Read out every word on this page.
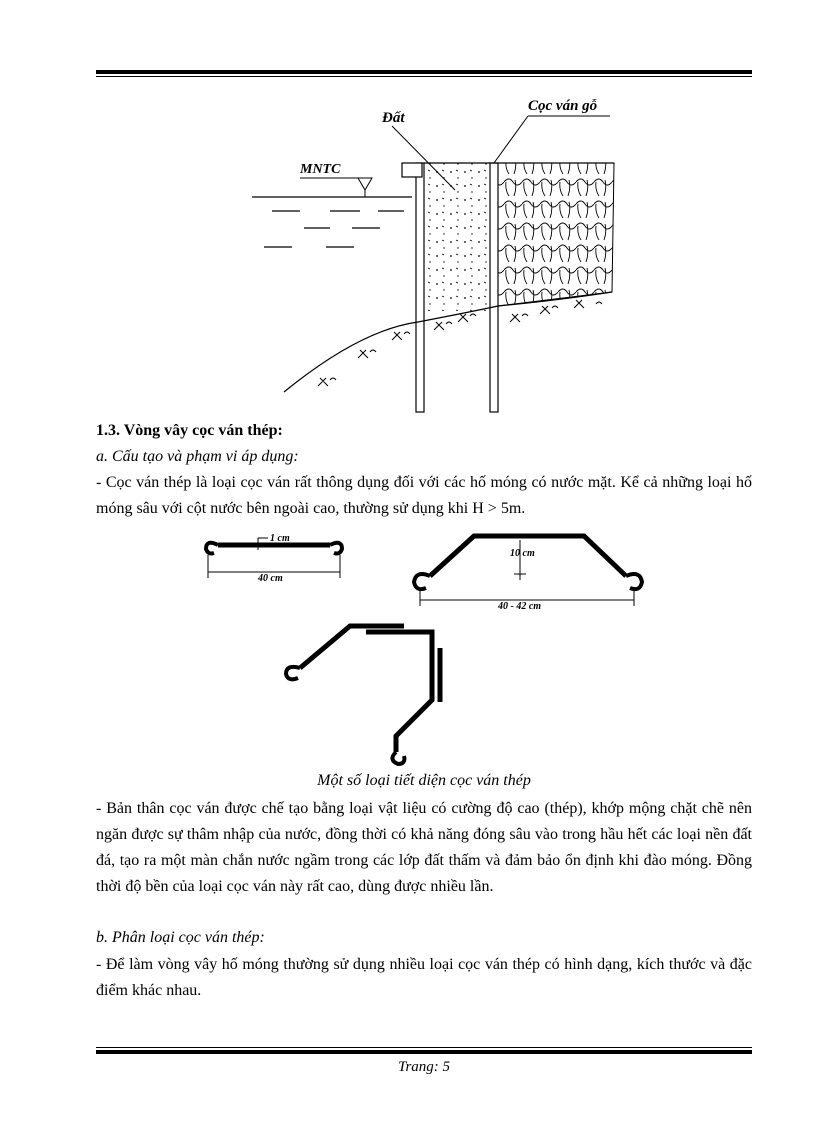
MNTC
Đất
Cọc ván gỗ
1.3. Vòng vây cọc ván thép:
a. Cấu tạo và phạm vi áp dụng:
- Cọc ván thép là loại cọc ván rất thông dụng đối với các hố móng có nước mặt. Kể cả những loại hố móng sâu với cột nước bên ngoài cao, thường sử dụng khi H > 5m.
1 cm
40 cm
10 cm
40 - 42 cm
Một số loại tiết diện cọc ván thép
- Bản thân cọc ván được chế tạo bằng loại vật liệu có cường độ cao (thép), khớp mộng chặt chẽ nên ngăn được sự thâm nhập của nước, đồng thời có khả năng đóng sâu vào trong hầu hết các loại nền đất đá, tạo ra một màn chắn nước ngầm trong các lớp đất thấm và đảm bảo ổn định khi đào móng. Đồng thời độ bền của loại cọc ván này rất cao, dùng được nhiều lần.
b. Phân loại cọc ván thép:
- Để làm vòng vây hố móng thường sử dụng nhiều loại cọc ván thép có hình dạng, kích thước và đặc điểm khác nhau.
Trang: 5
